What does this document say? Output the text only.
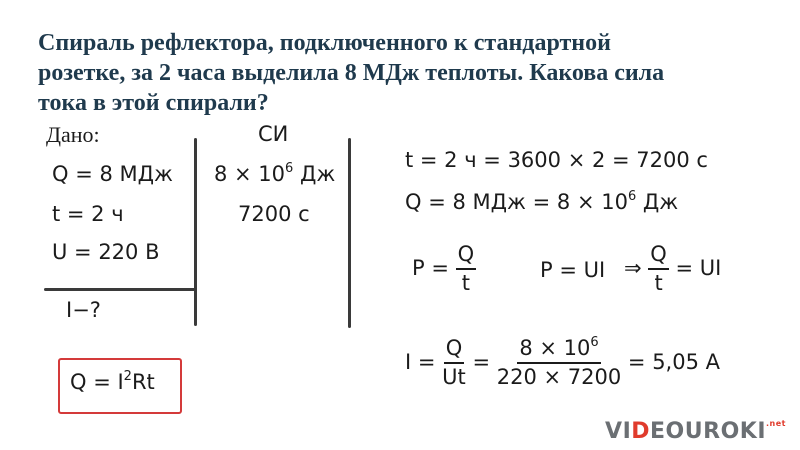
Спираль рефлектора, подключенного к стандартной
розетке, за 2 часа выделила 8 МДж теплоты. Какова сила
тока в этой спирали?
Дано:
Q = 8 МДж
t = 2 ч
U = 220 В
I−?
СИ
$8 \times 10^6$ Дж
7200 с
t = 2 ч = 3600 × 2 = 7200 с
Q = 8 МДж = $8 \times 10^6$ Дж
$P = \frac{Q}{t}$	P = UI ⇒ $\frac{Q}{t}$ = UI
$I = \frac{Q}{Ut} = \frac{8 \times 10^6}{220 \times 7200} = 5,05$ А
$Q = I^2Rt$
$VIDEOUROKI^{.net}$
